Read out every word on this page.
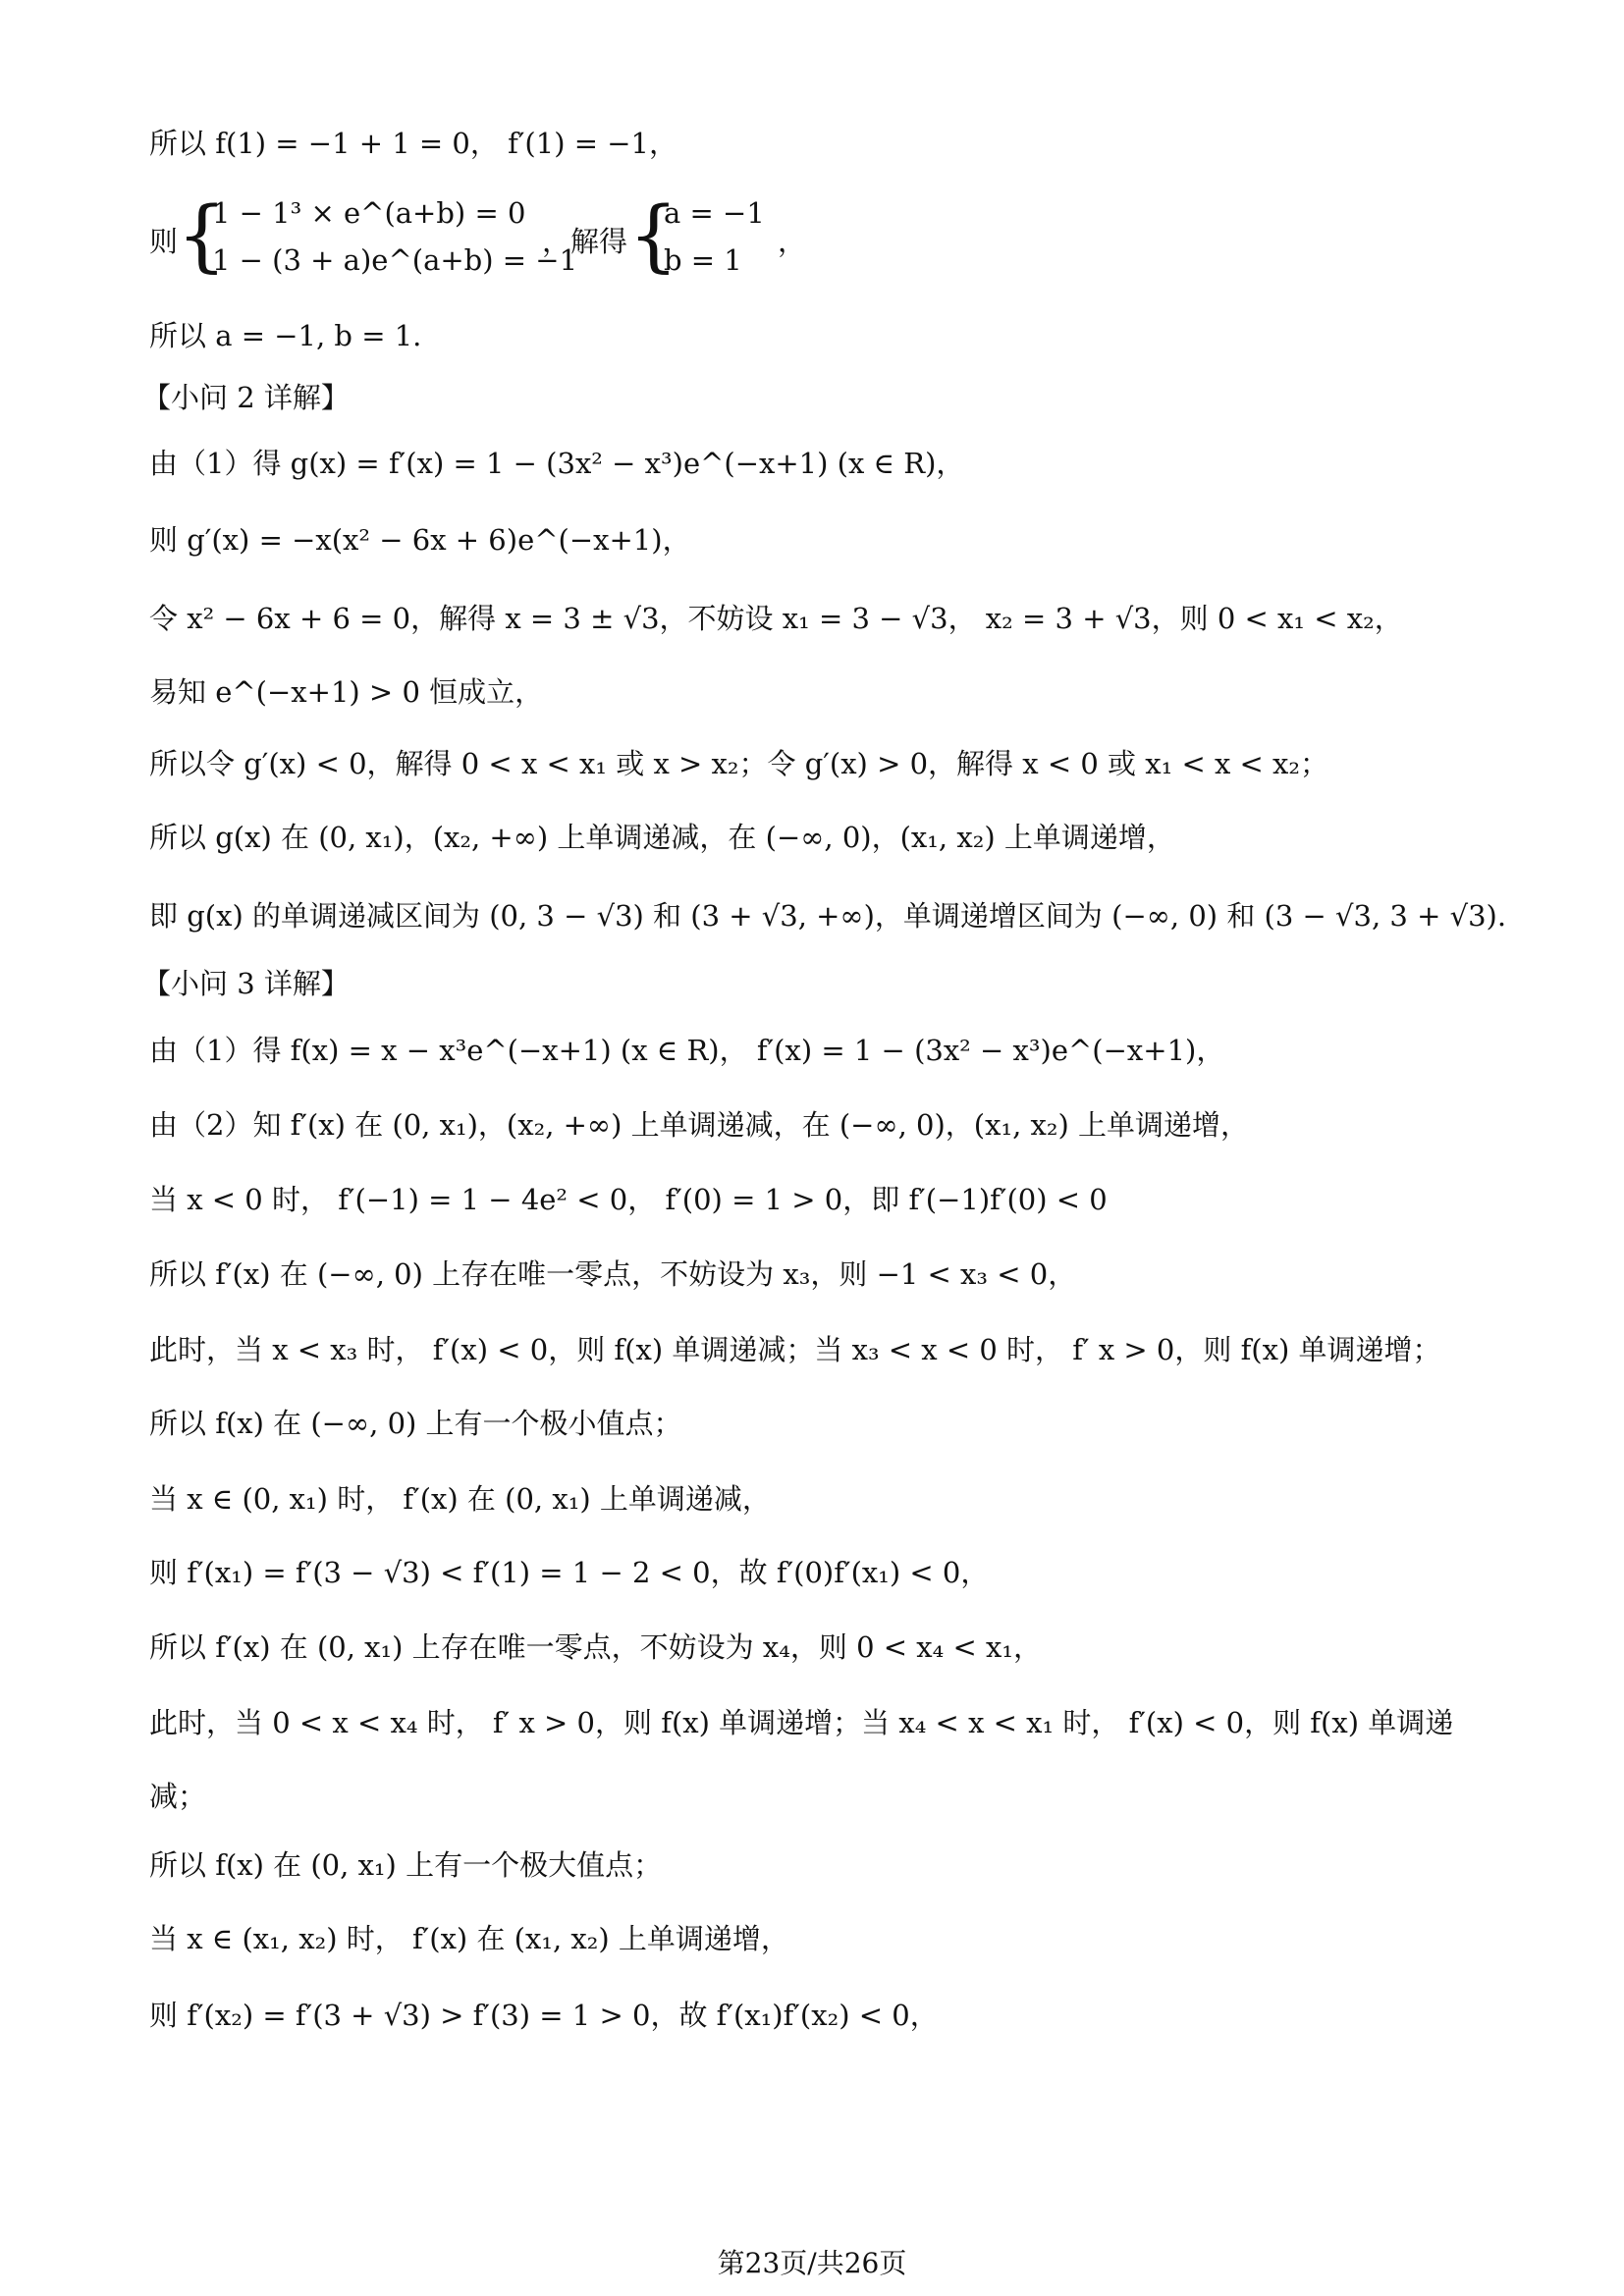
所以 f(1) = −1 + 1 = 0， f′(1) = −1，
则
{
1 − 1³ × e^(a+b) = 0
1 − (3 + a)e^(a+b) = −1
，解得 {
a = −1
b = 1
，
所以 a = −1, b = 1.
【小问 2 详解】
由（1）得 g(x) = f′(x) = 1 − (3x² − x³)e^(−x+1) (x ∈ R)，
则 g′(x) = −x(x² − 6x + 6)e^(−x+1)，
令 x² − 6x + 6 = 0，解得 x = 3 ± √3，不妨设 x₁ = 3 − √3， x₂ = 3 + √3，则 0 < x₁ < x₂，
易知 e^(−x+1) > 0 恒成立，
所以令 g′(x) < 0，解得 0 < x < x₁ 或 x > x₂；令 g′(x) > 0，解得 x < 0 或 x₁ < x < x₂；
所以 g(x) 在 (0, x₁)，(x₂, +∞) 上单调递减，在 (−∞, 0)，(x₁, x₂) 上单调递增，
即 g(x) 的单调递减区间为 (0, 3 − √3) 和 (3 + √3, +∞)，单调递增区间为 (−∞, 0) 和 (3 − √3, 3 + √3).
【小问 3 详解】
由（1）得 f(x) = x − x³e^(−x+1) (x ∈ R)， f′(x) = 1 − (3x² − x³)e^(−x+1)，
由（2）知 f′(x) 在 (0, x₁)，(x₂, +∞) 上单调递减，在 (−∞, 0)，(x₁, x₂) 上单调递增，
当 x < 0 时， f′(−1) = 1 − 4e² < 0， f′(0) = 1 > 0，即 f′(−1)f′(0) < 0
所以 f′(x) 在 (−∞, 0) 上存在唯一零点，不妨设为 x₃，则 −1 < x₃ < 0，
此时，当 x < x₃ 时， f′(x) < 0，则 f(x) 单调递减；当 x₃ < x < 0 时， f′ x > 0，则 f(x) 单调递增；
所以 f(x) 在 (−∞, 0) 上有一个极小值点；
当 x ∈ (0, x₁) 时， f′(x) 在 (0, x₁) 上单调递减，
则 f′(x₁) = f′(3 − √3) < f′(1) = 1 − 2 < 0，故 f′(0)f′(x₁) < 0，
所以 f′(x) 在 (0, x₁) 上存在唯一零点，不妨设为 x₄，则 0 < x₄ < x₁，
此时，当 0 < x < x₄ 时， f′ x > 0，则 f(x) 单调递增；当 x₄ < x < x₁ 时， f′(x) < 0，则 f(x) 单调递
减；
所以 f(x) 在 (0, x₁) 上有一个极大值点；
当 x ∈ (x₁, x₂) 时， f′(x) 在 (x₁, x₂) 上单调递增，
则 f′(x₂) = f′(3 + √3) > f′(3) = 1 > 0，故 f′(x₁)f′(x₂) < 0，
第23页/共26页
